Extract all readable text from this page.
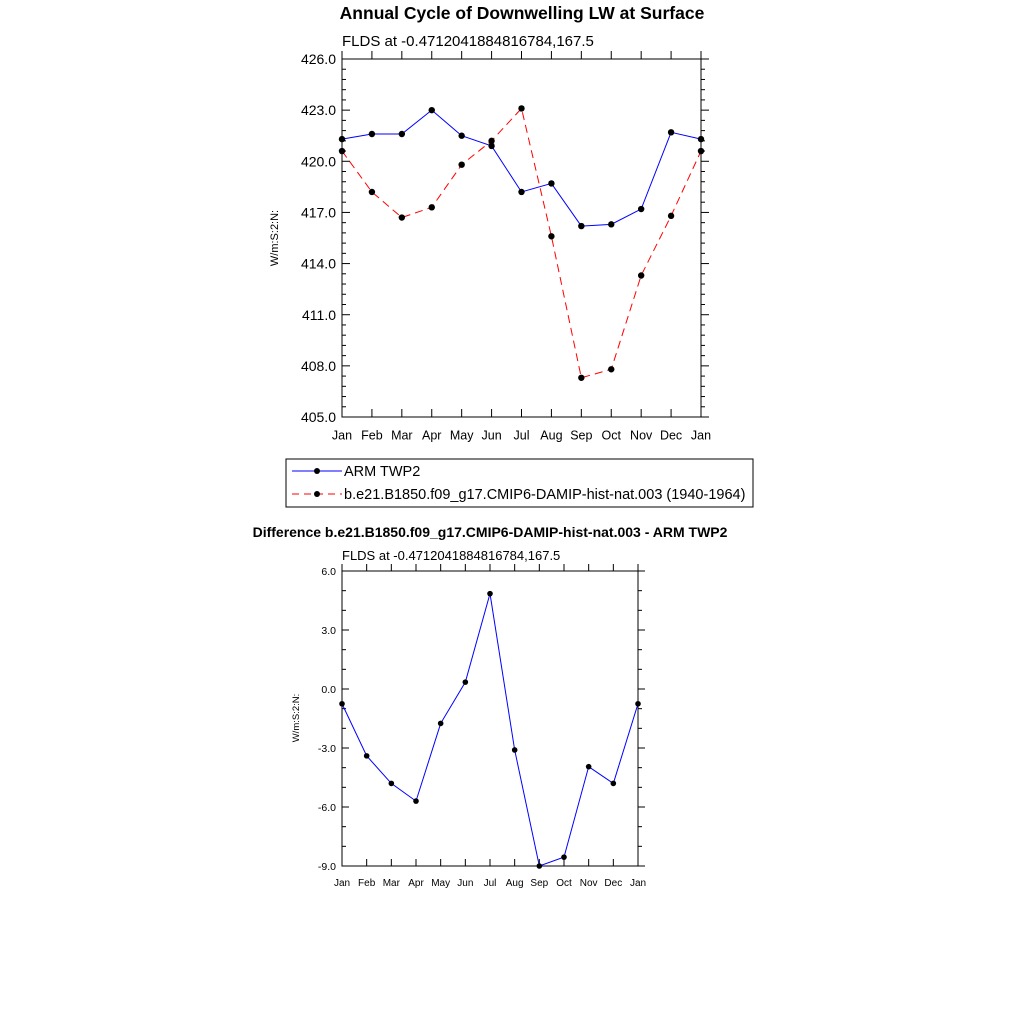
Annual Cycle of Downwelling LW at Surface
FLDS at -0.4712041884816784,167.5
W/m:S:2:N:
405.0
408.0
411.0
414.0
417.0
420.0
423.0
426.0
Jan Feb Mar Apr May Jun Jul Aug Sep Oct Nov Dec Jan
ARM TWP2
b.e21.B1850.f09_g17.CMIP6-DAMIP-hist-nat.003 (1940-1964)
Difference b.e21.B1850.f09_g17.CMIP6-DAMIP-hist-nat.003 - ARM TWP2
FLDS at -0.4712041884816784,167.5
W/m:S:2:N:
-9.0
-6.0
-3.0
0.0
3.0
6.0
Jan Feb Mar Apr May Jun Jul Aug Sep Oct Nov Dec Jan
